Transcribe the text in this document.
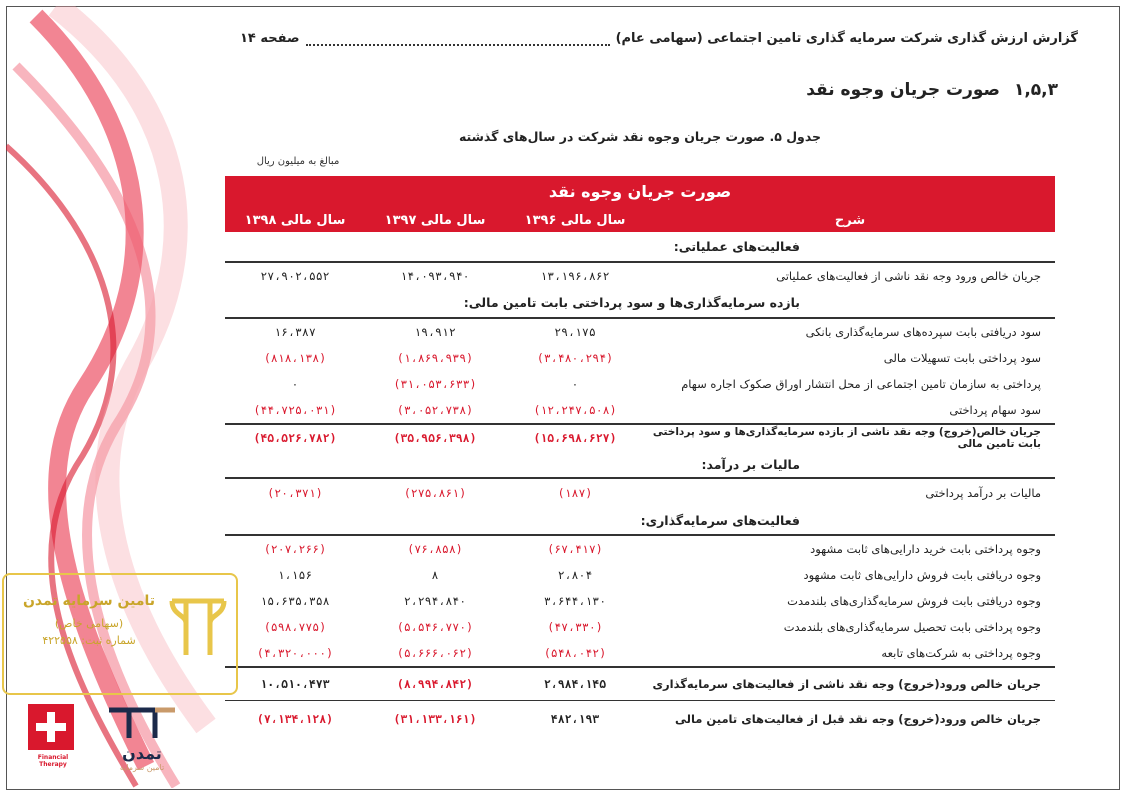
گزارش ارزش گذاری شرکت سرمایه گذاری تامین اجتماعی (سهامی عام)
صفحه ۱۴
۱,۵,۳
صورت جریان وجوه نقد
جدول ۵. صورت جریان وجوه نقد شرکت در سال‌های گذشته
مبالغ به میلیون ریال
صورت جریان وجوه نقد
شرح
سال مالی ۱۳۹۶
سال مالی ۱۳۹۷
سال مالی ۱۳۹۸
فعالیت‌های عملیاتی:
جریان خالص ورود وجه نقد ناشی از فعالیت‌های عملیاتی
۱۳،۱۹۶،۸۶۲
۱۴،۰۹۳،۹۴۰
۲۷،۹۰۲،۵۵۲
بازده سرمایه‌گذاری‌ها و سود پرداختی بابت تامین مالی:
سود دریافتی بابت سپرده‌های سرمایه‌گذاری بانکی
۲۹،۱۷۵
۱۹،۹۱۲
۱۶،۳۸۷
سود پرداختی بابت تسهیلات مالی
(۳،۴۸۰،۲۹۴)
(۱،۸۶۹،۹۳۹)
(۸۱۸،۱۳۸)
پرداختی به سازمان تامین اجتماعی از محل انتشار اوراق صکوک اجاره سهام
۰
(۳۱،۰۵۳،۶۳۳)
۰
سود سهام پرداختی
(۱۲،۲۴۷،۵۰۸)
(۳،۰۵۲،۷۳۸)
(۴۴،۷۲۵،۰۳۱)
جریان خالص(خروج) وجه نقد ناشی از بازده سرمایه‌گذاری‌ها و سود پرداختی بابت تامین مالی
(۱۵،۶۹۸،۶۲۷)
(۳۵،۹۵۶،۳۹۸)
(۴۵،۵۲۶،۷۸۲)
مالیات بر درآمد:
مالیات بر درآمد پرداختی
(۱۸۷)
(۲۷۵،۸۶۱)
(۲۰،۳۷۱)
فعالیت‌های سرمایه‌گذاری:
وجوه پرداختی بابت خرید دارایی‌های ثابت مشهود
(۶۷،۴۱۷)
(۷۶،۸۵۸)
(۲۰۷،۲۶۶)
وجوه دریافتی بابت فروش دارایی‌های ثابت مشهود
۲،۸۰۴
۸
۱،۱۵۶
وجوه دریافتی بابت فروش سرمایه‌گذاری‌های بلندمدت
۳،۶۴۴،۱۳۰
۲،۲۹۴،۸۴۰
۱۵،۶۳۵،۳۵۸
وجوه پرداختی بابت تحصیل سرمایه‌گذاری‌های بلندمدت
(۴۷،۳۳۰)
(۵،۵۴۶،۷۷۰)
(۵۹۸،۷۷۵)
وجوه پرداختی به شرکت‌های تابعه
(۵۴۸،۰۴۲)
(۵،۶۶۶،۰۶۲)
(۴،۳۲۰،۰۰۰)
جریان خالص ورود(خروج) وجه نقد ناشی از فعالیت‌های سرمایه‌گذاری
۲،۹۸۴،۱۴۵
(۸،۹۹۴،۸۴۲)
۱۰،۵۱۰،۴۷۳
جریان خالص ورود(خروج) وجه نقد قبل از فعالیت‌های تامین مالی
۴۸۲،۱۹۳
(۳۱،۱۳۳،۱۶۱)
(۷،۱۳۴،۱۲۸)
تامین سرمایه تمدن
(سهامی خاص)
شماره ثبت: ۴۲۲۵۵۸
Financial Therapy
تمدن
تامین سرمایه
